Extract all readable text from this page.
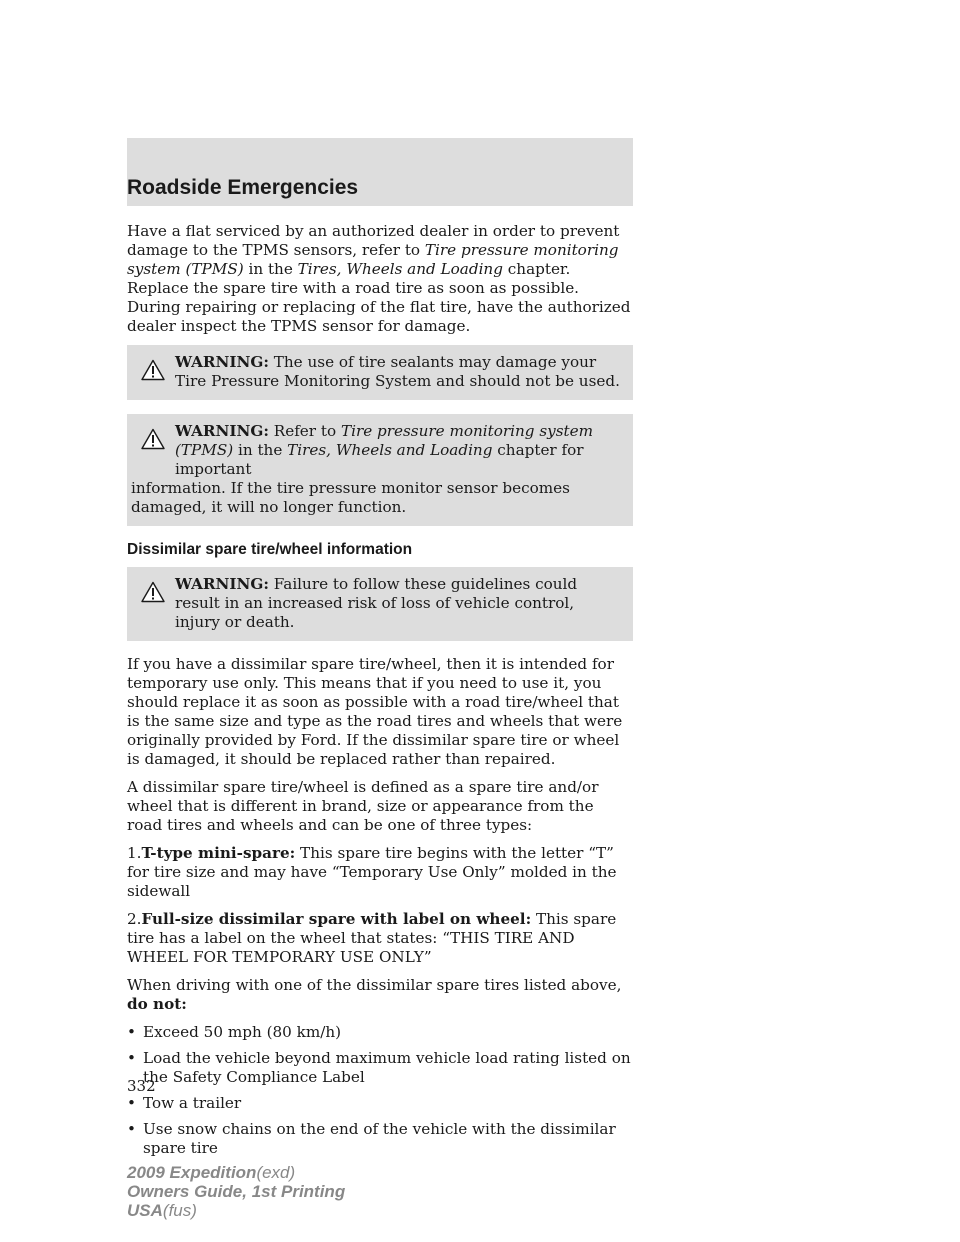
Roadside Emergencies

Have a flat serviced by an authorized dealer in order to prevent damage to the TPMS sensors, refer to Tire pressure monitoring system (TPMS) in the Tires, Wheels and Loading chapter. Replace the spare tire with a road tire as soon as possible. During repairing or replacing of the flat tire, have the authorized dealer inspect the TPMS sensor for damage.

WARNING: The use of tire sealants may damage your Tire Pressure Monitoring System and should not be used.
WARNING: Refer to Tire pressure monitoring system (TPMS) in the Tires, Wheels and Loading chapter for important
information. If the tire pressure monitor sensor becomes damaged, it will no longer function.
Dissimilar spare tire/wheel information
WARNING: Failure to follow these guidelines could result in an increased risk of loss of vehicle control, injury or death.

If you have a dissimilar spare tire/wheel, then it is intended for temporary use only. This means that if you need to use it, you should replace it as soon as possible with a road tire/wheel that is the same size and type as the road tires and wheels that were originally provided by Ford. If the dissimilar spare tire or wheel is damaged, it should be replaced rather than repaired.

A dissimilar spare tire/wheel is defined as a spare tire and/or wheel that is different in brand, size or appearance from the road tires and wheels and can be one of three types:

1.T-type mini-spare: This spare tire begins with the letter “T” for tire size and may have “Temporary Use Only” molded in the sidewall

2.Full-size dissimilar spare with label on wheel: This spare tire has a label on the wheel that states: “THIS TIRE AND WHEEL FOR TEMPORARY USE ONLY”

When driving with one of the dissimilar spare tires listed above, do not:

• Exceed 50 mph (80 km/h)
• Load the vehicle beyond maximum vehicle load rating listed on the Safety Compliance Label
• Tow a trailer
• Use snow chains on the end of the vehicle with the dissimilar spare tire
332
2009 Expedition(exd)
Owners Guide, 1st Printing
USA(fus)
